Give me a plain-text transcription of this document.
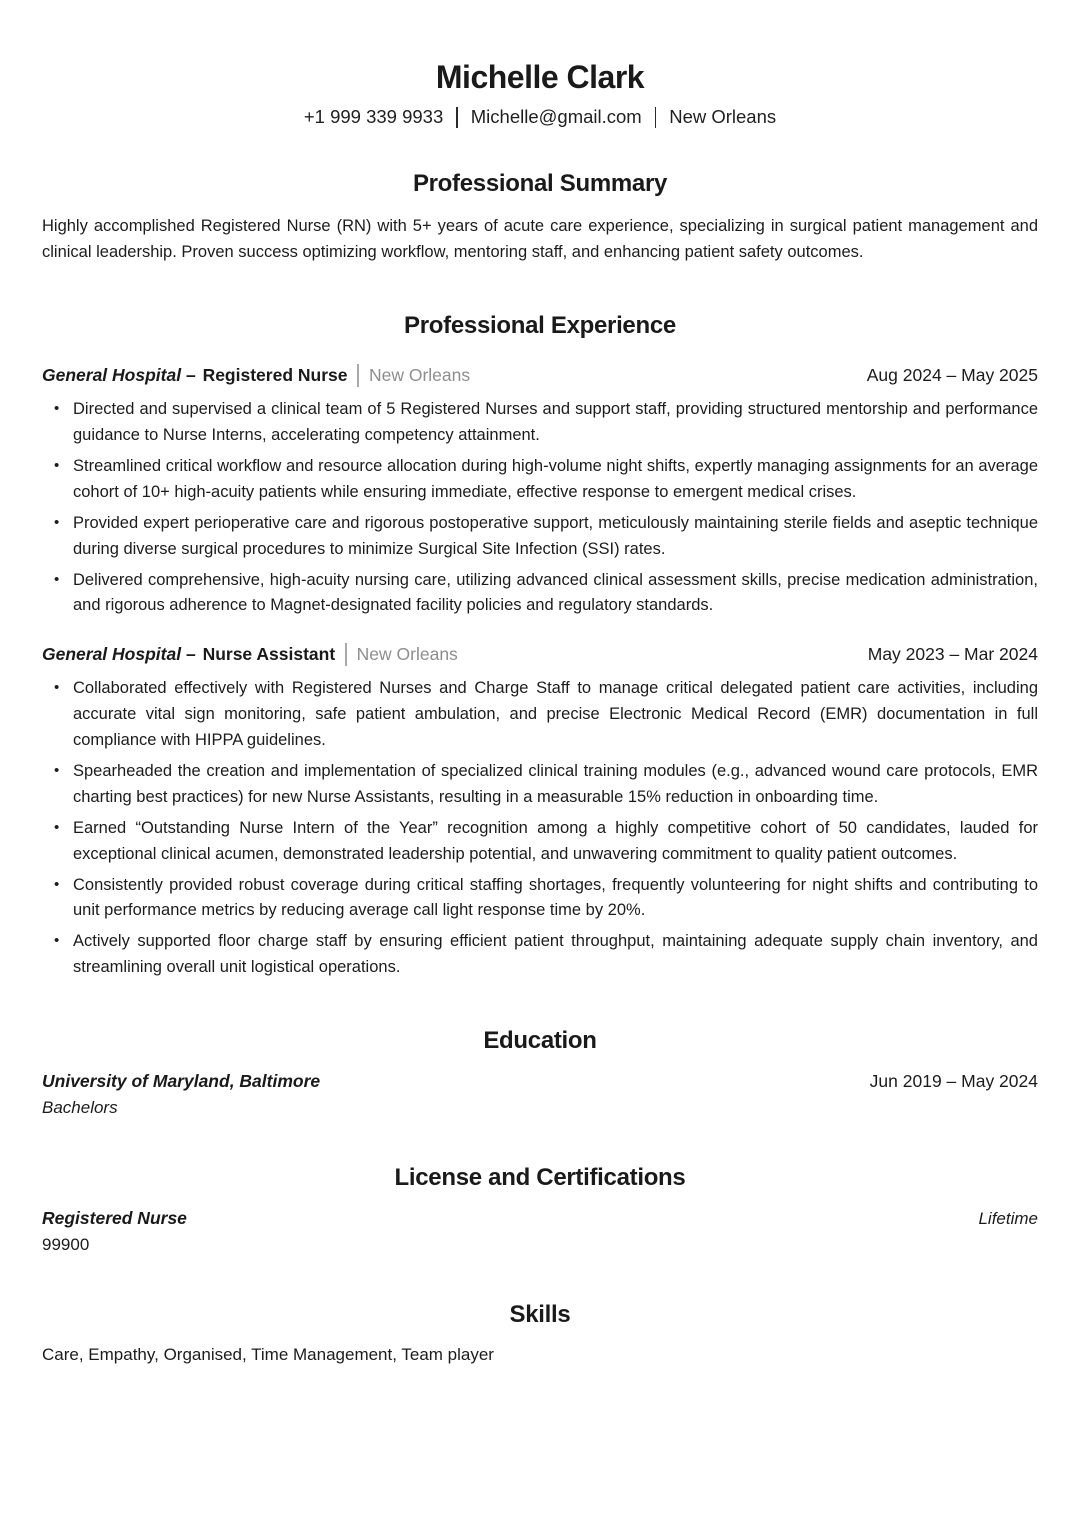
Michelle Clark
+1 999 339 9933 Michelle@gmail.com New Orleans
Professional Summary

Highly accomplished Registered Nurse (RN) with 5+ years of acute care experience, specializing in surgical patient management and clinical leadership. Proven success optimizing workflow, mentoring staff, and enhancing patient safety outcomes.

Professional Experience
General Hospital – Registered Nurse New Orleans	Aug 2024 – May 2025
• Directed and supervised a clinical team of 5 Registered Nurses and support staff, providing structured mentorship and performance guidance to Nurse Interns, accelerating competency attainment.
• Streamlined critical workflow and resource allocation during high-volume night shifts, expertly managing assignments for an average cohort of 10+ high-acuity patients while ensuring immediate, effective response to emergent medical crises.
• Provided expert perioperative care and rigorous postoperative support, meticulously maintaining sterile fields and aseptic technique during diverse surgical procedures to minimize Surgical Site Infection (SSI) rates.
• Delivered comprehensive, high-acuity nursing care, utilizing advanced clinical assessment skills, precise medication administration, and rigorous adherence to Magnet-designated facility policies and regulatory standards.
General Hospital – Nurse Assistant New Orleans	May 2023 – Mar 2024
• Collaborated effectively with Registered Nurses and Charge Staff to manage critical delegated patient care activities, including accurate vital sign monitoring, safe patient ambulation, and precise Electronic Medical Record (EMR) documentation in full compliance with HIPPA guidelines.
• Spearheaded the creation and implementation of specialized clinical training modules (e.g., advanced wound care protocols, EMR charting best practices) for new Nurse Assistants, resulting in a measurable 15% reduction in onboarding time.
• Earned “Outstanding Nurse Intern of the Year” recognition among a highly competitive cohort of 50 candidates, lauded for exceptional clinical acumen, demonstrated leadership potential, and unwavering commitment to quality patient outcomes.
• Consistently provided robust coverage during critical staffing shortages, frequently volunteering for night shifts and contributing to unit performance metrics by reducing average call light response time by 20%.
• Actively supported floor charge staff by ensuring efficient patient throughput, maintaining adequate supply chain inventory, and streamlining overall unit logistical operations.
Education
University of Maryland, Baltimore	Jun 2019 – May 2024
Bachelors
License and Certifications
Registered Nurse	Lifetime
99900
Skills
Care, Empathy, Organised, Time Management, Team player
